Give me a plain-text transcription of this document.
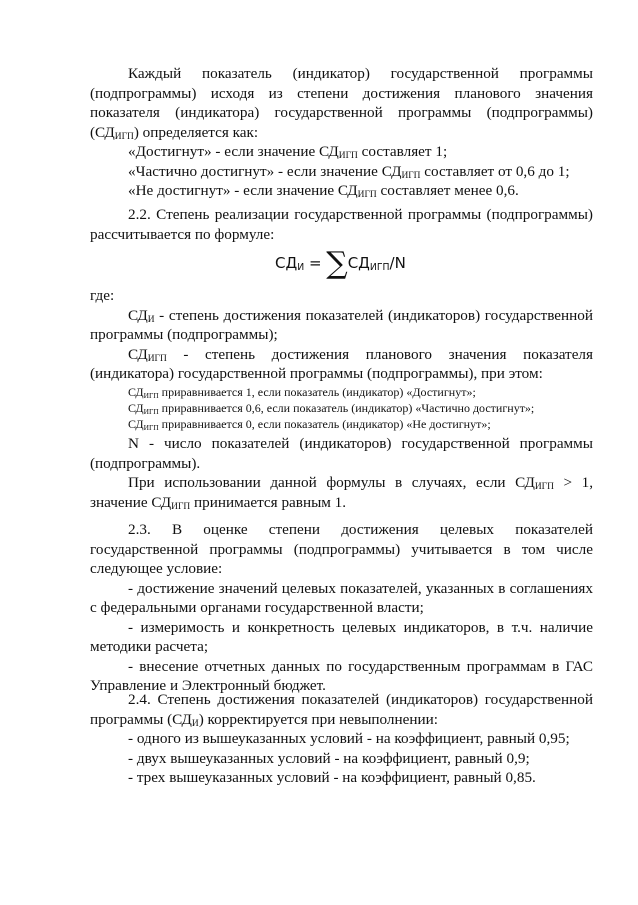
Каждый показатель (индикатор) государственной программы (подпрограммы) исходя из степени достижения планового значения показателя (индикатора) государственной программы (подпрограммы) $(СД_{ИГП})$ определяется как:

«Достигнут» - если значение $СД_{ИГП}$ составляет 1;

«Частично достигнут» - если значение $СД_{ИГП}$ составляет от 0,6 до 1;

«Не достигнут» - если значение $СД_{ИГП}$ составляет менее 0,6.

2.2. Степень реализации государственной программы (подпрограммы) рассчитывается по формуле:

$СД_И = \sum СД_{ИГП}/N$

где:

$СД_И$ - степень достижения показателей (индикаторов) государственной программы (подпрограммы);

$СД_{ИГП}$ - степень достижения планового значения показателя (индикатора) государственной программы (подпрограммы), при этом:

$СД_{ИГП}$ приравнивается 1, если показатель (индикатор) «Достигнут»;
$СД_{ИГП}$ приравнивается 0,6, если показатель (индикатор) «Частично достигнут»;
$СД_{ИГП}$ приравнивается 0, если показатель (индикатор) «Не достигнут»;

N - число показателей (индикаторов) государственной программы (подпрограммы).

При использовании данной формулы в случаях, если $СД_{ИГП} > 1$, значение $СД_{ИГП}$ принимается равным 1.

2.3. В оценке степени достижения целевых показателей государственной программы (подпрограммы) учитывается в том числе следующее условие:

- достижение значений целевых показателей, указанных в соглашениях с федеральными органами государственной власти;

- измеримость и конкретность целевых индикаторов, в т.ч. наличие методики расчета;

- внесение отчетных данных по государственным программам в ГАС Управление и Электронный бюджет.

2.4. Степень достижения показателей (индикаторов) государственной программы $(СД_И)$ корректируется при невыполнении:

- одного из вышеуказанных условий - на коэффициент, равный 0,95;

- двух вышеуказанных условий - на коэффициент, равный 0,9;

- трех вышеуказанных условий - на коэффициент, равный 0,85.
